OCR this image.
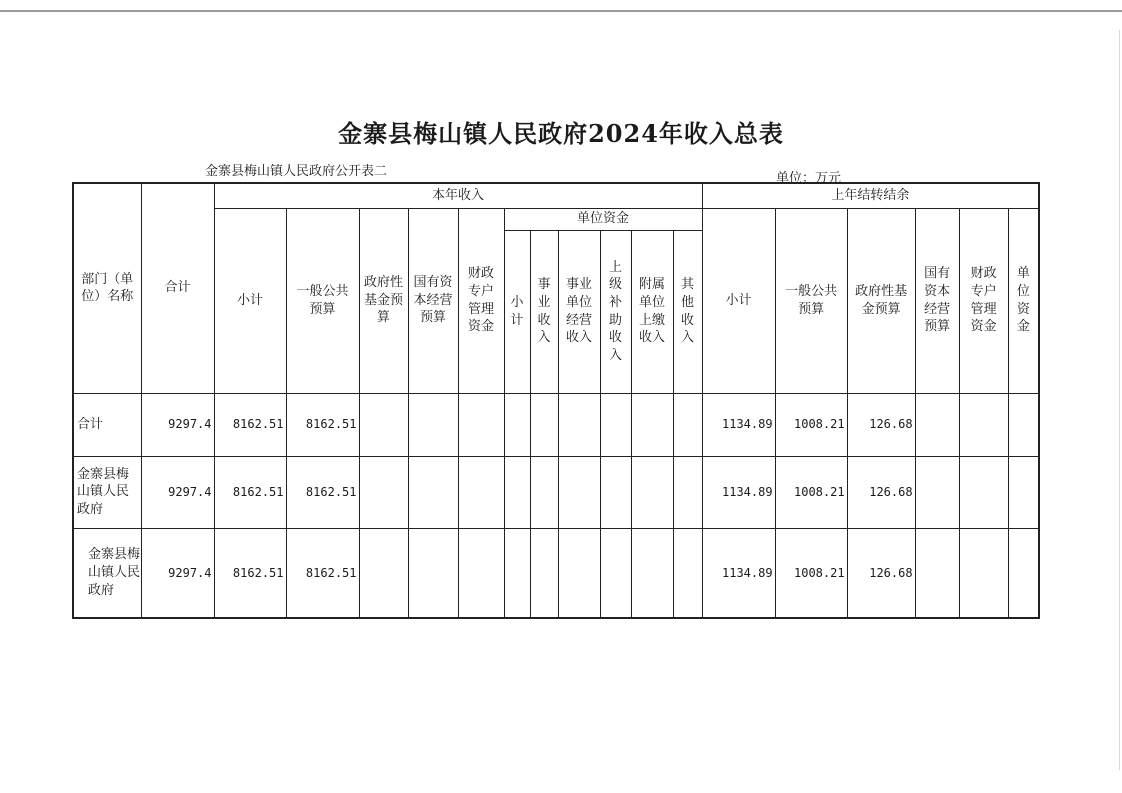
金寨县梅山镇人民政府2024年收入总表
金寨县梅山镇人民政府公开表二	单位：万元
部门（单位）名称	合计	本年收入											上年结转结余					
		小计	一般公共预算	政府性基金预算	国有资本经营预算	财政专户管理资金	单位资金						小计	一般公共预算	政府性基金预算	国有资本经营预算	财政专户管理资金	单位资金
							小计	事业收入	事业单位经营收入	上级补助收入	附属单位上缴收入	其他收入						
合计	9297.4	8162.51	8162.51										1134.89	1008.21	126.68			
金寨县梅山镇人民政府	9297.4	8162.51	8162.51										1134.89	1008.21	126.68			
金寨县梅山镇人民政府	9297.4	8162.51	8162.51										1134.89	1008.21	126.68			
